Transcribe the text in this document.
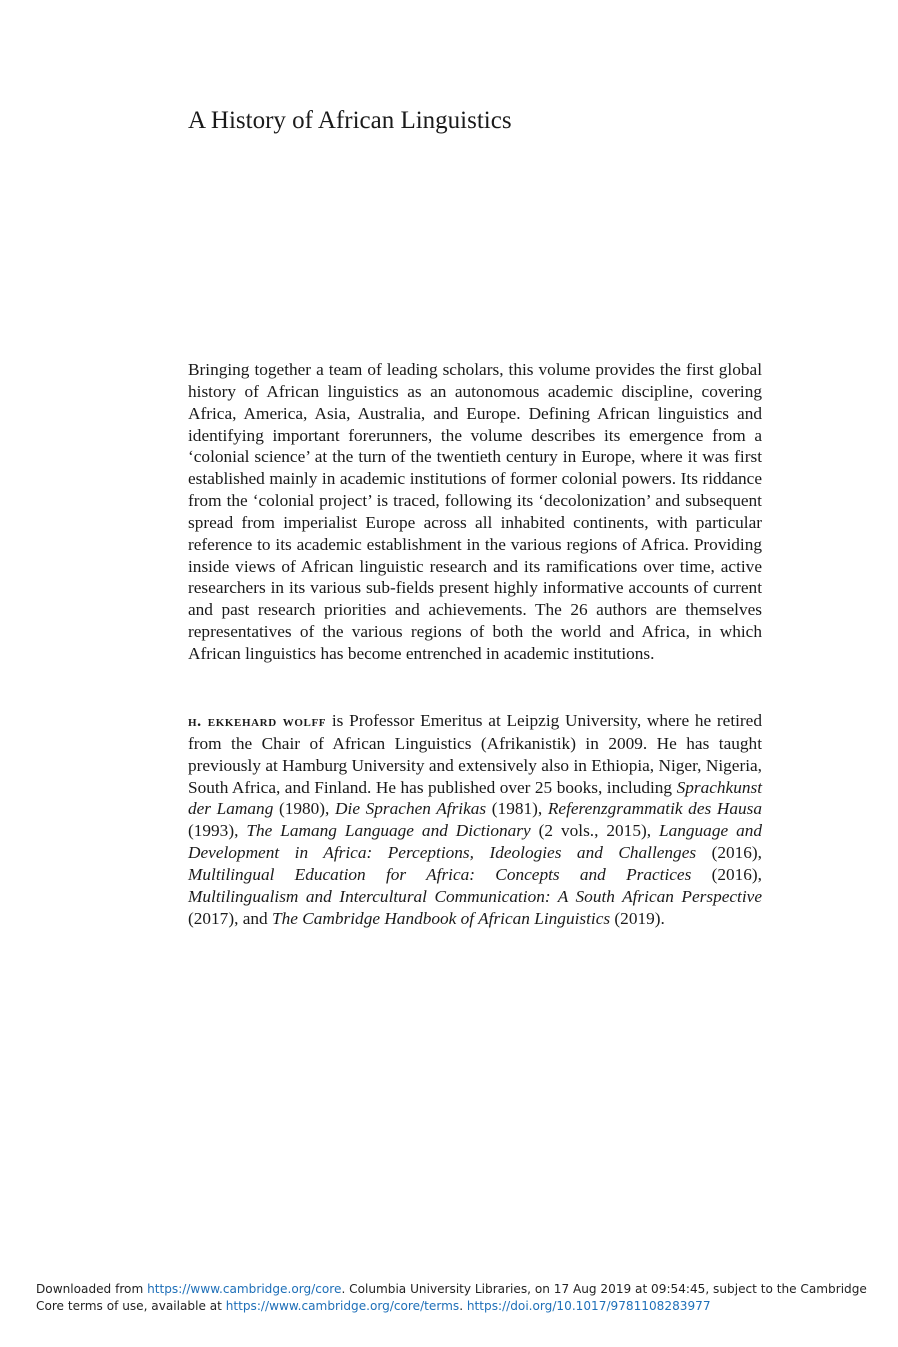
A History of African Linguistics

Bringing together a team of leading scholars, this volume provides the first global history of African linguistics as an autonomous academic discipline, covering Africa, America, Asia, Australia, and Europe. Defining African linguistics and identifying important forerunners, the volume describes its emergence from a ‘colonial science’ at the turn of the twentieth century in Europe, where it was first established mainly in academic institutions of former colonial powers. Its riddance from the ‘colonial project’ is traced, following its ‘decolonization’ and subsequent spread from imperialist Europe across all inhabited continents, with particular reference to its academic establishment in the various regions of Africa. Providing inside views of African linguistic research and its ramifications over time, active researchers in its various sub-fields present highly informative accounts of current and past research priorities and achievements. The 26 authors are themselves representatives of the various regions of both the world and Africa, in which African linguistics has become entrenched in academic institutions.

h. ekkehard wolff is Professor Emeritus at Leipzig University, where he retired from the Chair of African Linguistics (Afrikanistik) in 2009. He has taught previously at Hamburg University and extensively also in Ethiopia, Niger, Nigeria, South Africa, and Finland. He has published over 25 books, including Sprachkunst der Lamang (1980), Die Sprachen Afrikas (1981), Referenzgrammatik des Hausa (1993), The Lamang Language and Dictionary (2 vols., 2015), Language and Development in Africa: Perceptions, Ideologies and Challenges (2016), Multilingual Education for Africa: Concepts and Practices (2016), Multilingualism and Intercultural Communication: A South African Perspective (2017), and The Cambridge Handbook of African Linguistics (2019).

Downloaded from https://www.cambridge.org/core. Columbia University Libraries, on 17 Aug 2019 at 09:54:45, subject to the Cambridge Core terms of use, available at https://www.cambridge.org/core/terms. https://doi.org/10.1017/9781108283977
